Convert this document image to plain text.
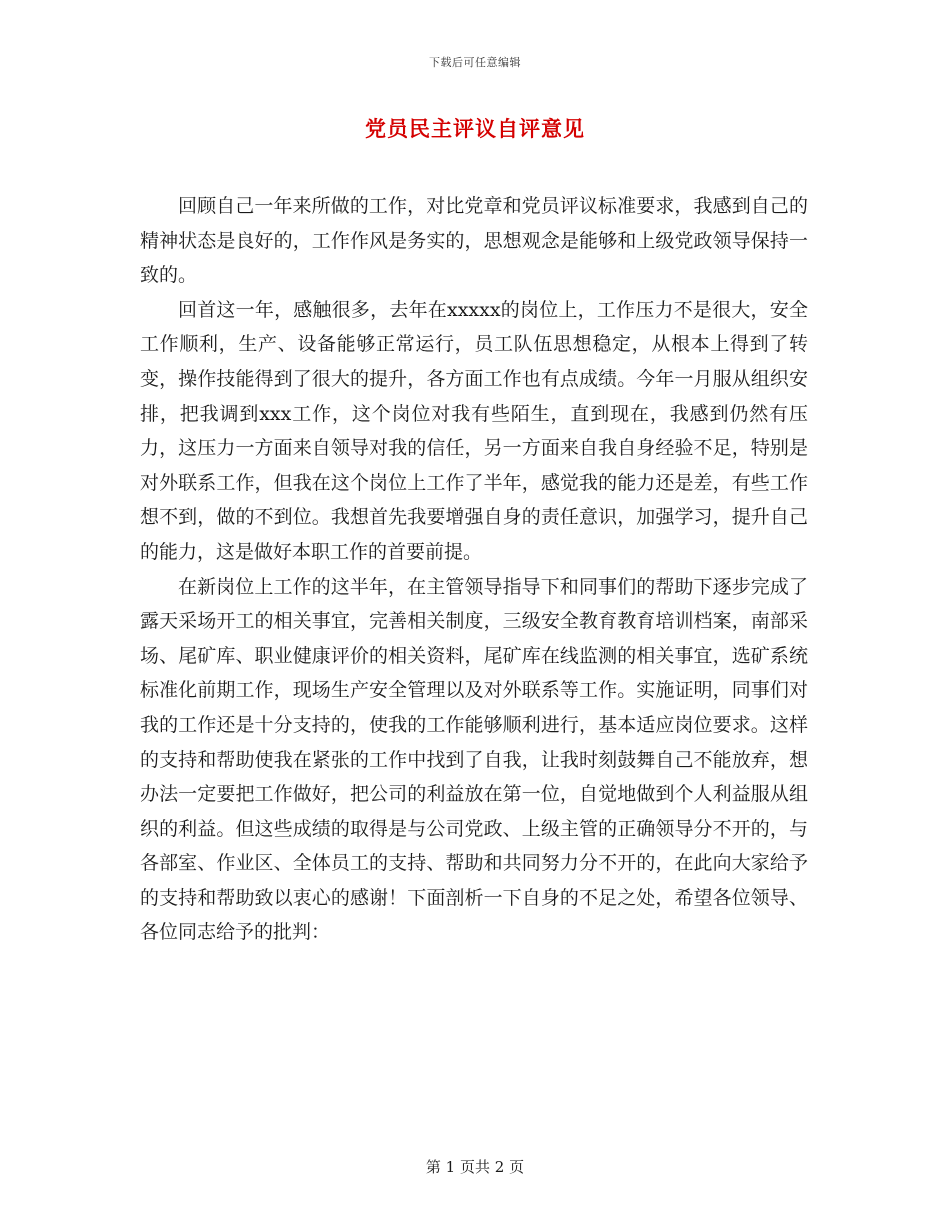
下载后可任意编辑
党员民主评议自评意见

回顾自己一年来所做的工作，对比党章和党员评议标准要求，我感到自己的精神状态是良好的，工作作风是务实的，思想观念是能够和上级党政领导保持一致的。

回首这一年，感触很多，去年在xxxxx的岗位上，工作压力不是很大，安全工作顺利，生产、设备能够正常运行，员工队伍思想稳定，从根本上得到了转变，操作技能得到了很大的提升，各方面工作也有点成绩。今年一月服从组织安排，把我调到xxx工作，这个岗位对我有些陌生，直到现在，我感到仍然有压力，这压力一方面来自领导对我的信任，另一方面来自我自身经验不足，特别是对外联系工作，但我在这个岗位上工作了半年，感觉我的能力还是差，有些工作想不到，做的不到位。我想首先我要增强自身的责任意识，加强学习，提升自己的能力，这是做好本职工作的首要前提。

在新岗位上工作的这半年，在主管领导指导下和同事们的帮助下逐步完成了露天采场开工的相关事宜，完善相关制度，三级安全教育教育培训档案，南部采场、尾矿库、职业健康评价的相关资料，尾矿库在线监测的相关事宜，选矿系统标准化前期工作，现场生产安全管理以及对外联系等工作。实施证明，同事们对我的工作还是十分支持的，使我的工作能够顺利进行，基本适应岗位要求。这样的支持和帮助使我在紧张的工作中找到了自我，让我时刻鼓舞自己不能放弃，想办法一定要把工作做好，把公司的利益放在第一位，自觉地做到个人利益服从组织的利益。但这些成绩的取得是与公司党政、上级主管的正确领导分不开的，与各部室、作业区、全体员工的支持、帮助和共同努力分不开的，在此向大家给予的支持和帮助致以衷心的感谢！下面剖析一下自身的不足之处，希望各位领导、各位同志给予的批判：

第 1 页共 2 页
